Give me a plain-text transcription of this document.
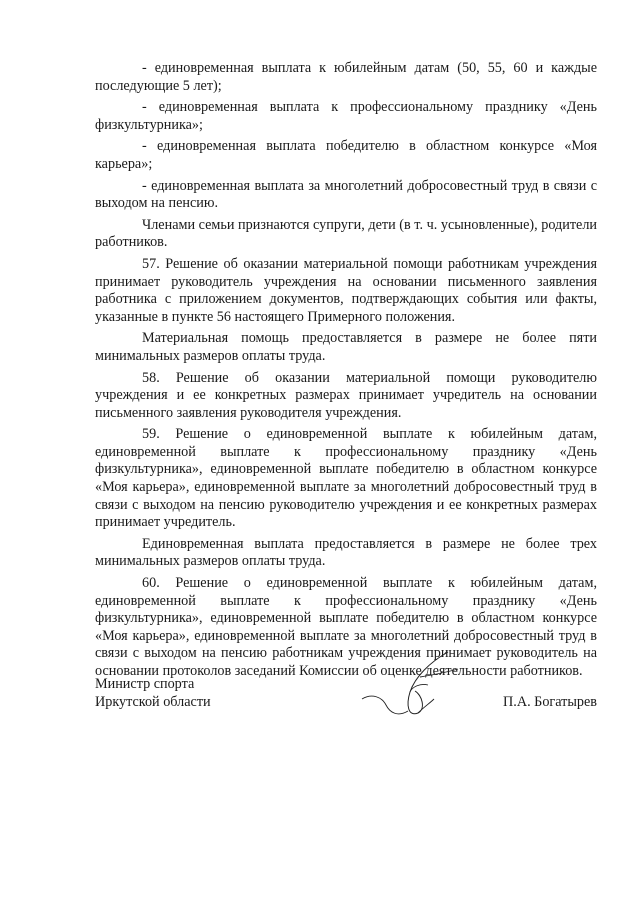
- единовременная выплата к юбилейным датам (50, 55, 60 и каждые последующие 5 лет);

- единовременная выплата к профессиональному празднику «День физкультурника»;

- единовременная выплата победителю в областном конкурсе «Моя карьера»;

- единовременная выплата за многолетний добросовестный труд в связи с выходом на пенсию.

Членами семьи признаются супруги, дети (в т. ч. усыновленные), родители работников.

57. Решение об оказании материальной помощи работникам учреждения принимает руководитель учреждения на основании письменного заявления работника с приложением документов, подтверждающих события или факты, указанные в пункте 56 настоящего Примерного положения.

Материальная помощь предоставляется в размере не более пяти минимальных размеров оплаты труда.

58. Решение об оказании материальной помощи руководителю учреждения и ее конкретных размерах принимает учредитель на основании письменного заявления руководителя учреждения.

59. Решение о единовременной выплате к юбилейным датам, единовременной выплате к профессиональному празднику «День физкультурника», единовременной выплате победителю в областном конкурсе «Моя карьера», единовременной выплате за многолетний добросовестный труд в связи с выходом на пенсию руководителю учреждения и ее конкретных размерах принимает учредитель.

Единовременная выплата предоставляется в размере не более трех минимальных размеров оплаты труда.

60. Решение о единовременной выплате к юбилейным датам, единовременной выплате к профессиональному празднику «День физкультурника», единовременной выплате победителю в областном конкурсе «Моя карьера», единовременной выплате за многолетний добросовестный труд в связи с выходом на пенсию работникам учреждения принимает руководитель на основании протоколов заседаний Комиссии об оценке деятельности работников.

Министр спорта
Иркутской области	П.А. Богатырев
